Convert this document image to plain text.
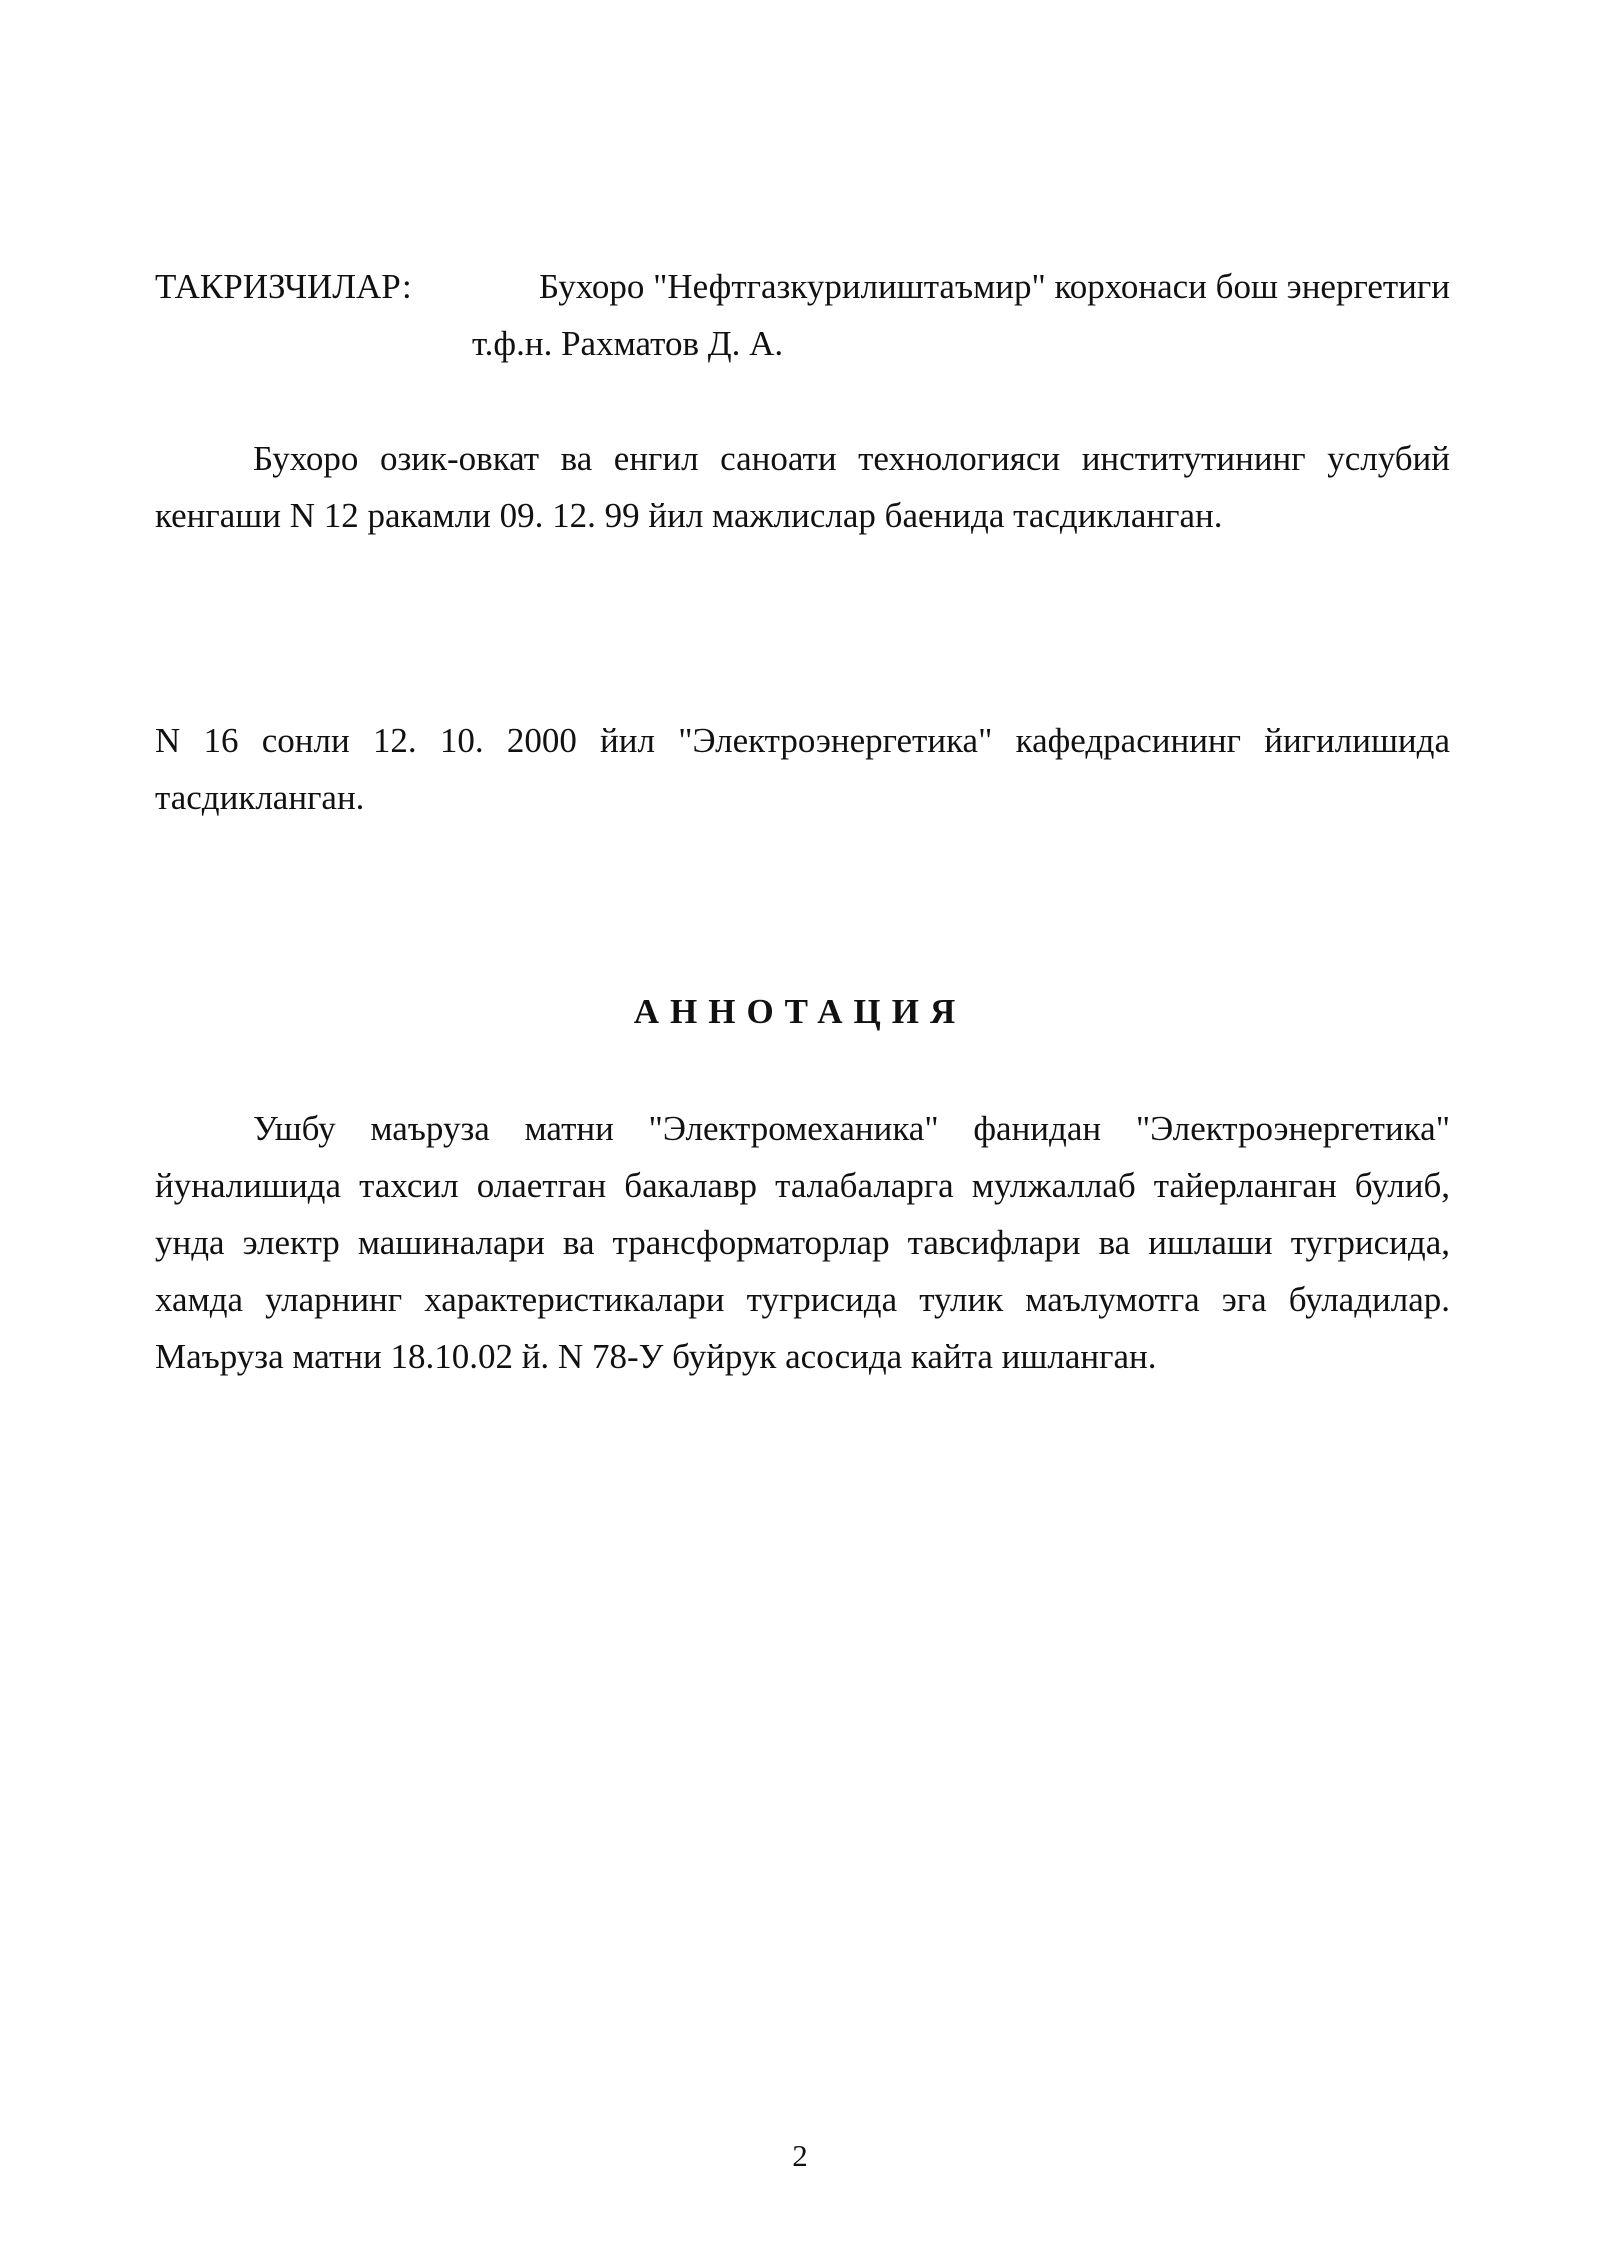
ТАКРИЗЧИЛАР:	Бухоро "Нефтгазкурилиштаъмир" корхонаси бош энергетиги
т.ф.н. Рахматов Д. А.

Бухоро озик-овкат ва енгил саноати технологияси институтининг услубий кенгаши N 12 ракамли 09. 12. 99 йил мажлислар баенида тасдикланган.

N 16 сонли 12. 10. 2000 йил "Электроэнергетика" кафедрасининг йигилишида тасдикланган.

АННОТАЦИЯ

Ушбу маъруза матни "Электромеханика" фанидан "Электроэнергетика" йуналишида тахсил олаетган бакалавр талабаларга мулжаллаб тайерланган булиб, унда электр машиналари ва трансформаторлар тавсифлари ва ишлаши тугрисида, хамда уларнинг характеристикалари тугрисида тулик маълумотга эга буладилар. Маъруза матни 18.10.02 й. N 78-У буйрук асосида кайта ишланган.

2
